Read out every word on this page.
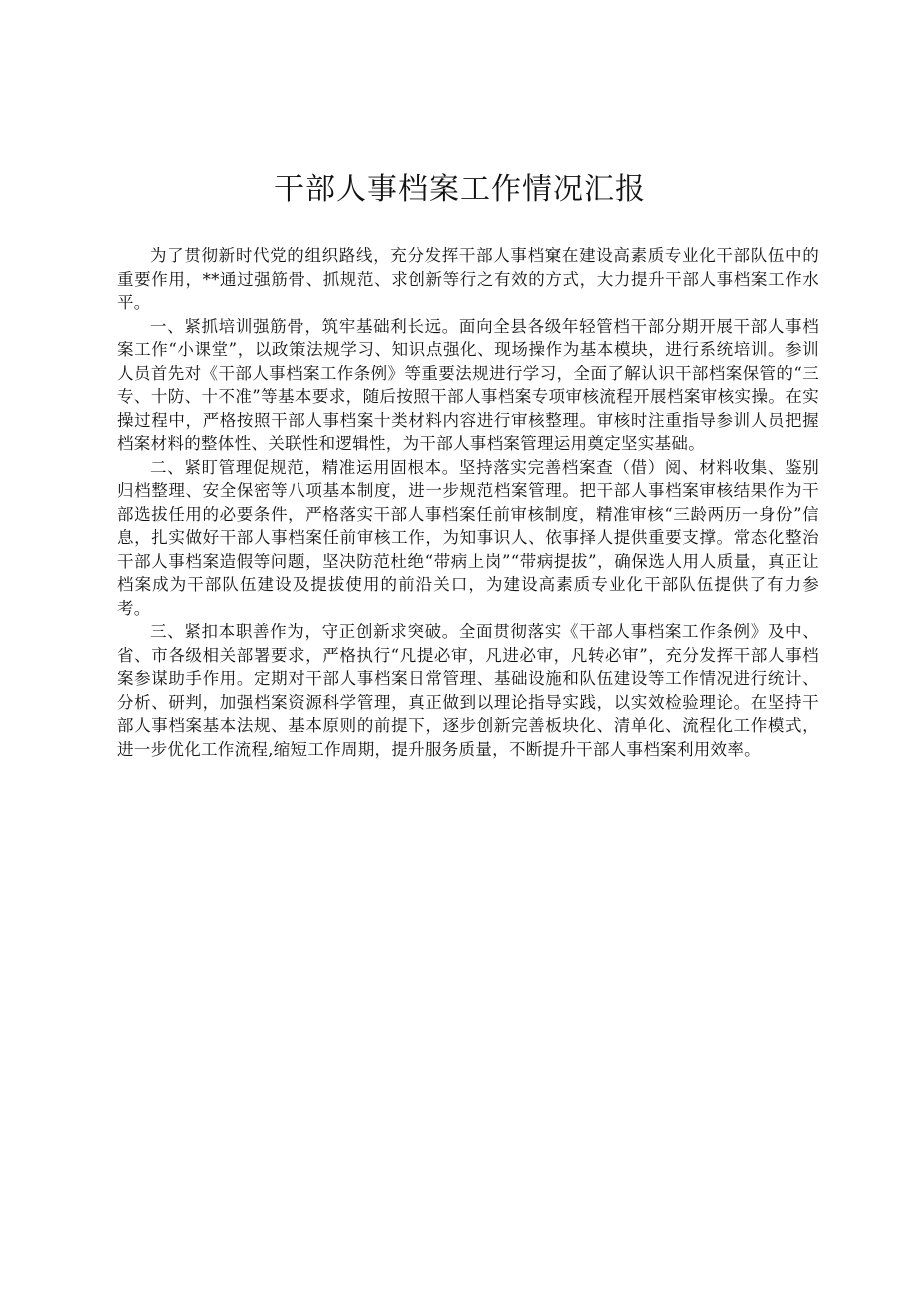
干部人事档案工作情况汇报

为了贯彻新时代党的组织路线，充分发挥干部人事档窠在建设高素质专业化干部队伍中的重要作用，**通过强筋骨、抓规范、求创新等行之有效的方式，大力提升干部人事档案工作水平。

一、紧抓培训强筋骨，筑牢基础利长远。面向全县各级年轻管档干部分期开展干部人事档案工作“小课堂”，以政策法规学习、知识点强化、现场操作为基本模块，进行系统培训。参训人员首先对《干部人事档案工作条例》等重要法规进行学习，全面了解认识干部档案保管的“三专、十防、十不准”等基本要求，随后按照干部人事档案专项审核流程开展档案审核实操。在实操过程中，严格按照干部人事档案十类材料内容进行审核整理。审核时注重指导参训人员把握档案材料的整体性、关联性和逻辑性，为干部人事档案管理运用奠定坚实基础。

二、紧盯管理促规范，精准运用固根本。坚持落实完善档案查（借）阅、材料收集、鉴别归档整理、安全保密等八项基本制度，进一步规范档案管理。把干部人事档案审核结果作为干部选拔任用的必要条件，严格落实干部人事档案任前审核制度，精准审核“三龄两历一身份”信息，扎实做好干部人事档案任前审核工作，为知事识人、依事择人提供重要支撑。常态化整治干部人事档案造假等问题，坚决防范杜绝“带病上岗”“带病提拔”，确保选人用人质量，真正让档案成为干部队伍建设及提拔使用的前沿关口，为建设高素质专业化干部队伍提供了有力参考。

三、紧扣本职善作为，守正创新求突破。全面贯彻落实《干部人事档案工作条例》及中、省、市各级相关部署要求，严格执行“凡提必审，凡进必审，凡转必审”，充分发挥干部人事档案参谋助手作用。定期对干部人事档案日常管理、基础设施和队伍建设等工作情况进行统计、分析、研判，加强档案资源科学管理，真正做到以理论指导实践，以实效检验理论。在坚持干部人事档案基本法规、基本原则的前提下，逐步创新完善板块化、清单化、流程化工作模式，进一步优化工作流程,缩短工作周期，提升服务质量，不断提升干部人事档案利用效率。
